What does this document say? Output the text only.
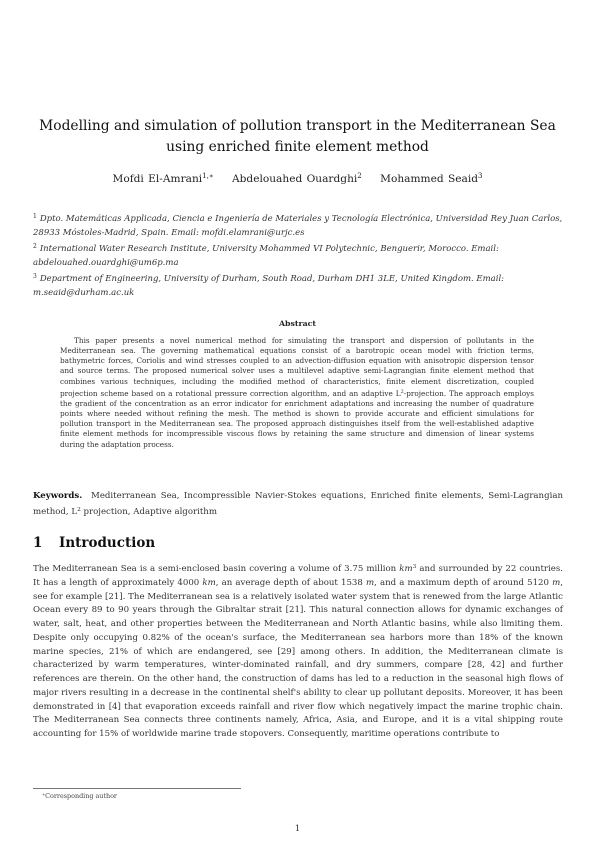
Modelling and simulation of pollution transport in the Mediterranean Sea
using enriched finite element method
Mofdi El-Amrani$^{1,∗}$ Abdelouahed Ouardghi$^2$ Mohammed Seaid$^3$

$^1$ Dpto. Matemáticas Applicada, Ciencia e Ingeniería de Materiales y Tecnología Electrónica, Universidad Rey Juan Carlos, 28933 Móstoles-Madrid, Spain. Email: mofdi.elamrani@urjc.es

$^2$ International Water Research Institute, University Mohammed VI Polytechnic, Benguerir, Morocco. Email: abdelouahed.ouardghi@um6p.ma

$^3$ Department of Engineering, University of Durham, South Road, Durham DH1 3LE, United Kingdom. Email: m.seaid@durham.ac.uk

Abstract
This paper presents a novel numerical method for simulating the transport and dispersion of pollutants in the Mediterranean sea. The governing mathematical equations consist of a barotropic ocean model with friction terms, bathymetric forces, Coriolis and wind stresses coupled to an advection-diffusion equation with anisotropic dispersion tensor and source terms. The proposed numerical solver uses a multilevel adaptive semi-Lagrangian finite element method that combines various techniques, including the modified method of characteristics, finite element discretization, coupled projection scheme based on a rotational pressure correction algorithm, and an adaptive $L^2$-projection. The approach employs the gradient of the concentration as an error indicator for enrichment adaptations and increasing the number of quadrature points where needed without refining the mesh. The method is shown to provide accurate and efficient simulations for pollution transport in the Mediterranean sea. The proposed approach distinguishes itself from the well-established adaptive finite element methods for incompressible viscous flows by retaining the same structure and dimension of linear systems during the adaptation process.
Keywords. Mediterranean Sea, Incompressible Navier-Stokes equations, Enriched finite elements, Semi-Lagrangian method, $L^2$ projection, Adaptive algorithm
1 Introduction
The Mediterranean Sea is a semi-enclosed basin covering a volume of 3.75 million $km^3$ and surrounded by 22 countries. It has a length of approximately 4000 km, an average depth of about 1538 m, and a maximum depth of around 5120 m, see for example [21]. The Mediterranean sea is a relatively isolated water system that is renewed from the large Atlantic Ocean every 89 to 90 years through the Gibraltar strait [21]. This natural connection allows for dynamic exchanges of water, salt, heat, and other properties between the Mediterranean and North Atlantic basins, while also limiting them. Despite only occupying 0.82% of the ocean's surface, the Mediterranean sea harbors more than 18% of the known marine species, 21% of which are endangered, see [29] among others. In addition, the Mediterranean climate is characterized by warm temperatures, winter-dominated rainfall, and dry summers, compare [28, 42] and further references are therein. On the other hand, the construction of dams has led to a reduction in the seasonal high flows of major rivers resulting in a decrease in the continental shelf's ability to clear up pollutant deposits. Moreover, it has been demonstrated in [4] that evaporation exceeds rainfall and river flow which negatively impact the marine trophic chain. The Mediterranean Sea connects three continents namely, Africa, Asia, and Europe, and it is a vital shipping route accounting for 15% of worldwide marine trade stopovers. Consequently, maritime operations contribute to
∗Corresponding author
1
